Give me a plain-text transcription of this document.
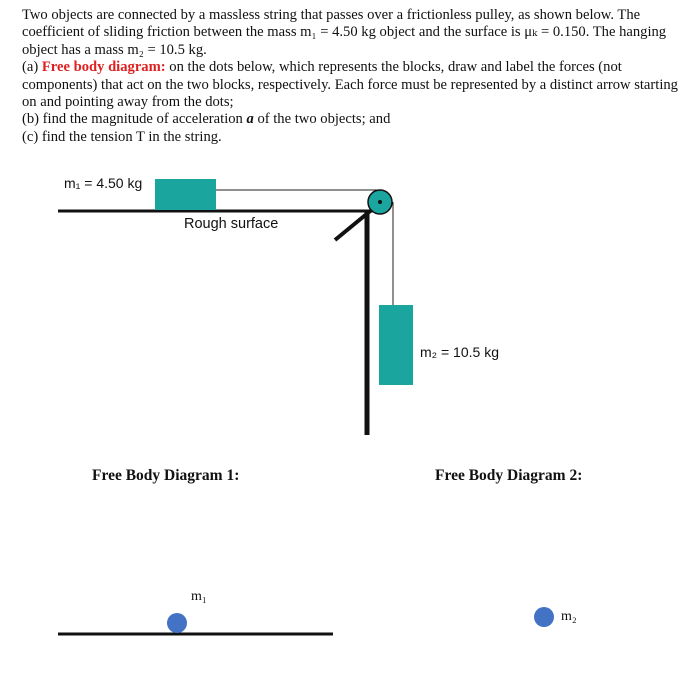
Two objects are connected by a massless string that passes over a frictionless pulley, as shown below. The coefficient of sliding friction between the mass m₁ = 4.50 kg object and the surface is μₖ = 0.150. The hanging object has a mass m₂ = 10.5 kg.

(a) Free body diagram: on the dots below, which represents the blocks, draw and label the forces (not components) that act on the two blocks, respectively. Each force must be represented by a distinct arrow starting on and pointing away from the dots;

(b) find the magnitude of acceleration a of the two objects; and

(c) find the tension T in the string.

m₁ = 4.50 kg
Rough surface
m₂ = 10.5 kg
Free Body Diagram 1:	Free Body Diagram 2:
m₁
m₂
